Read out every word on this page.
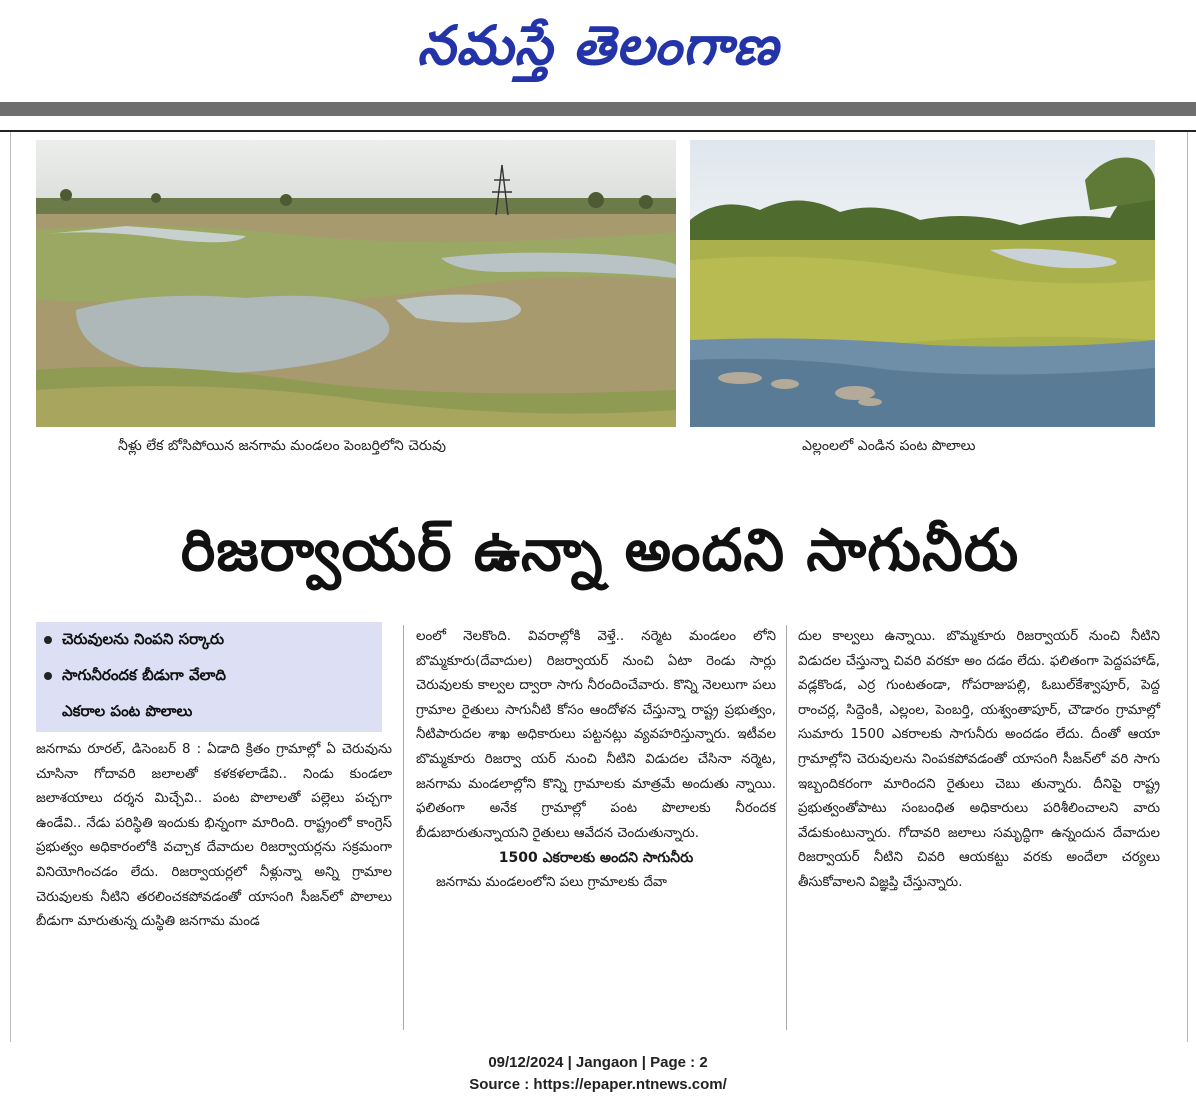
నమస్తే తెలంగాణ
నీళ్లు లేక బోసిపోయిన జనగామ మండలం పెంబర్తిలోని చెరువు	ఎల్లంలలో ఎండిన పంట పొలాలు
రిజర్వాయర్ ఉన్నా అందని సాగునీరు
చెరువులను నింపని సర్కారు
సాగునీరందక బీడుగా వేలాది
ఎకరాల పంట పొలాలు

జనగామ రూరల్, డిసెంబర్ 8 : ఏడాది క్రితం గ్రామాల్లో ఏ చెరువును చూసినా గోదావరి జలాలతో కళకళలాడేవి.. నిండు కుండలా జలాశయాలు దర్శన మిచ్చేవి.. పంట పొలాలతో పల్లెలు పచ్చగా ఉండేవి.. నేడు పరిస్థితి ఇందుకు భిన్నంగా మారింది. రాష్ట్రంలో కాంగ్రెస్ ప్రభుత్వం అధికారంలోకి వచ్చాక దేవాదుల రిజర్వాయర్లను సక్రమంగా వినియోగించడం లేదు. రిజర్వాయర్లలో నీళ్లున్నా అన్ని గ్రామాల చెరువులకు నీటిని తరలించకపోవడంతో యాసంగి సీజన్‌లో పొలాలు బీడుగా మారుతున్న దుస్థితి జనగామ మండ

లంలో నెలకొంది. వివరాల్లోకి వెళ్తే.. నర్మెట మండలం లోని బొమ్మకూరు(దేవాదుల) రిజర్వాయర్ నుంచి ఏటా రెండు సార్లు చెరువులకు కాల్వల ద్వారా సాగు నీరందించేవారు. కొన్ని నెలలుగా పలు గ్రామాల రైతులు సాగునీటి కోసం ఆందోళన చేస్తున్నా రాష్ట్ర ప్రభుత్వం, నీటిపారుదల శాఖ అధికారులు పట్టనట్లు వ్యవహరిస్తున్నారు. ఇటీవల బొమ్మకూరు రిజర్వా యర్ నుంచి నీటిని విడుదల చేసినా నర్మెట, జనగామ మండలాల్లోని కొన్ని గ్రామాలకు మాత్రమే అందుతు న్నాయి. ఫలితంగా అనేక గ్రామాల్లో పంట పొలాలకు నీరందక బీడుబారుతున్నాయని రైతులు ఆవేదన చెందుతున్నారు.

1500 ఎకరాలకు అందని సాగునీరు

జనగామ మండలంలోని పలు గ్రామాలకు దేవా

దుల కాల్వలు ఉన్నాయి. బొమ్మకూరు రిజర్వాయర్ నుంచి నీటిని విడుదల చేస్తున్నా చివరి వరకూ అం దడం లేదు. ఫలితంగా పెద్దపహాడ్, వడ్లకొండ, ఎర్ర గుంటతండా, గోపరాజుపల్లి, ఓబుల్‌కేశ్వాపూర్, పెద్ద రాంచర్ల, సిద్దెంకి, ఎల్లంల, పెంబర్తి, యశ్వంతాపూర్, చౌడారం గ్రామాల్లో సుమారు 1500 ఎకరాలకు సాగునీరు అందడం లేదు. దీంతో ఆయా గ్రామాల్లోని చెరువులను నింపకపోవడంతో యాసంగి సీజన్‌లో వరి సాగు ఇబ్బందికరంగా మారిందని రైతులు చెబు తున్నారు. దీనిపై రాష్ట్ర ప్రభుత్వంతోపాటు సంబంధిత అధికారులు పరిశీలించాలని వారు వేడుకుంటున్నారు. గోదావరి జలాలు సమృద్ధిగా ఉన్నందున దేవాదుల రిజర్వాయర్ నీటిని చివరి ఆయకట్టు వరకు అందేలా చర్యలు తీసుకోవాలని విజ్ఞప్తి చేస్తున్నారు.

09/12/2024 | Jangaon | Page : 2
Source : https://epaper.ntnews.com/
